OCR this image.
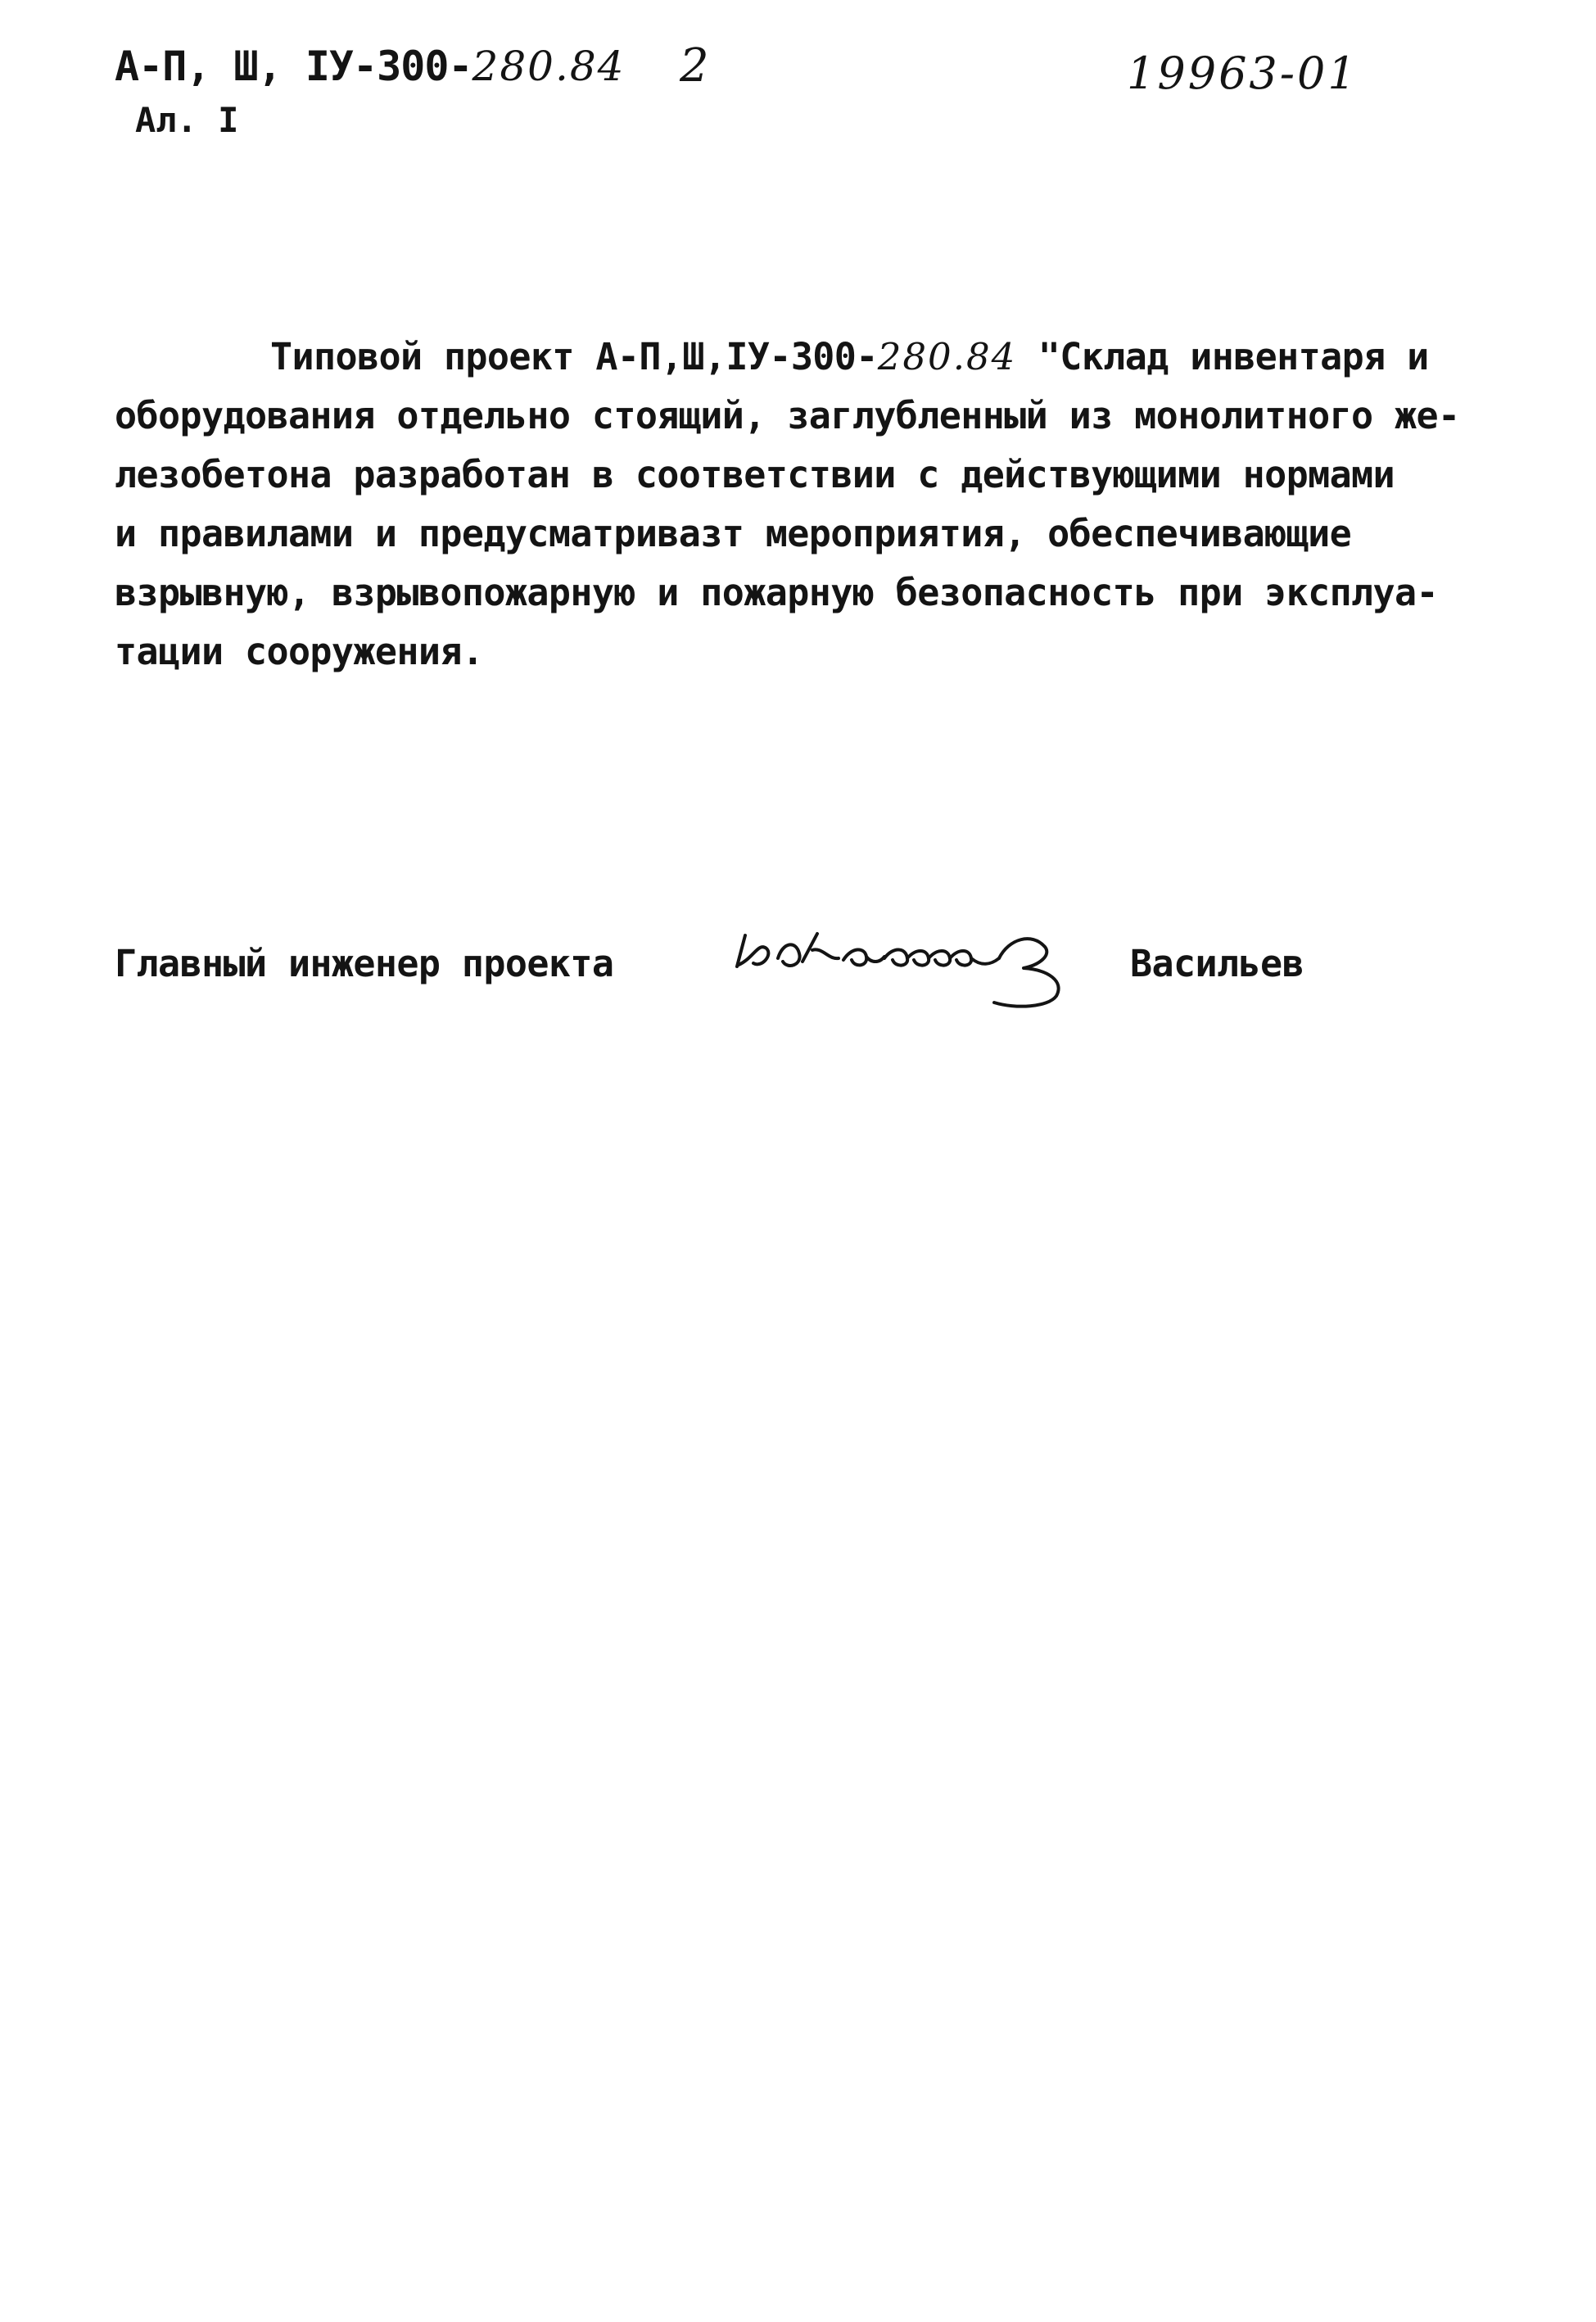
А-П, Ш, IУ-300-280.84
Ал. I
2	19963-01
Типовой проект А-П,Ш,IУ-300-280.84 "Склад инвентаря и
оборудования отдельно стоящий, заглубленный из монолитного же-
лезобетона разработан в соответствии с действующими нормами
и правилами и предусматривазт мероприятия, обеспечивающие
взрывную, взрывопожарную и пожарную безопасность при эксплуа-
тации сооружения.
Главный инженер проекта	Васильев
